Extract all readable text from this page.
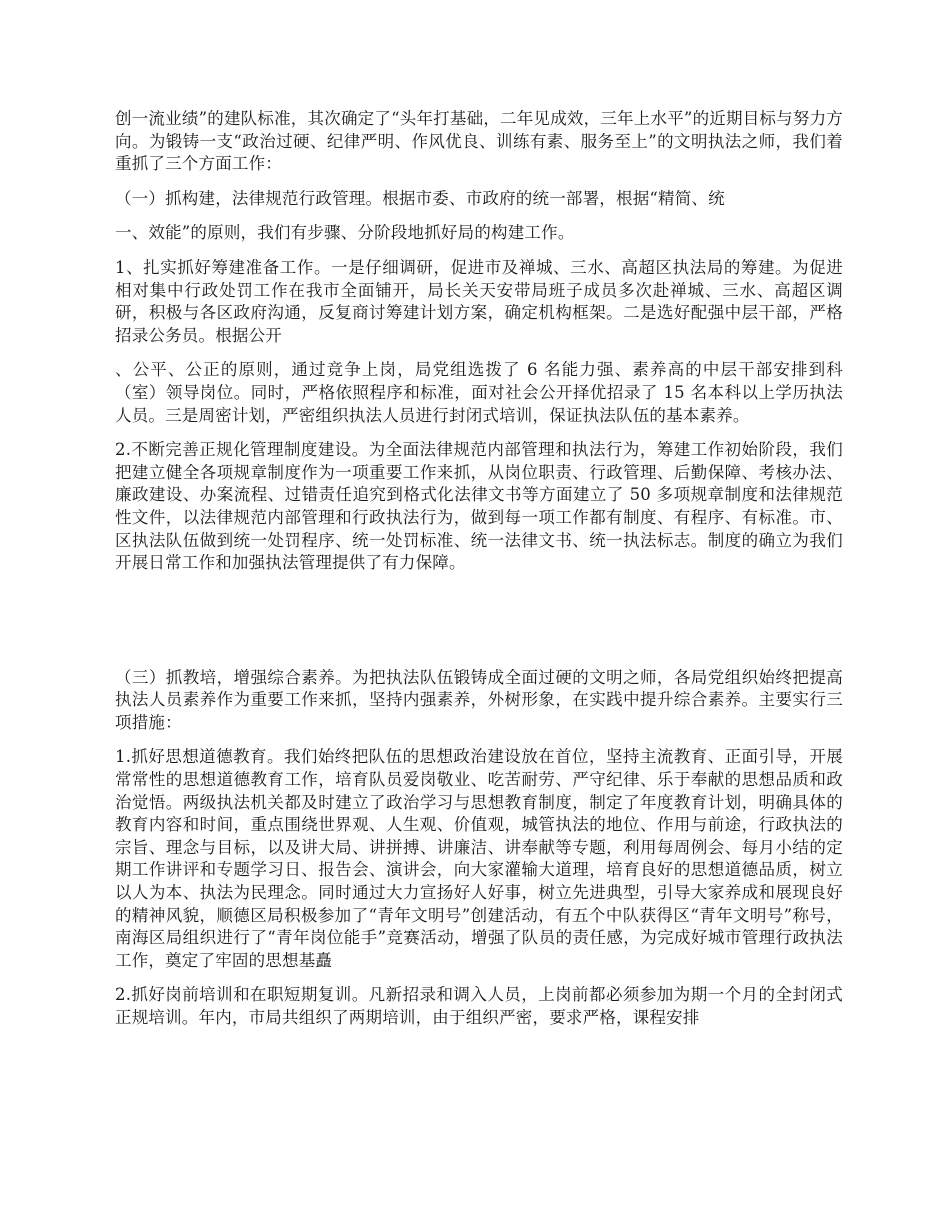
创一流业绩”的建队标准，其次确定了“头年打基础，二年见成效，三年上水平”的近期目标与努力方向。为锻铸一支“政治过硬、纪律严明、作风优良、训练有素、服务至上”的文明执法之师，我们着重抓了三个方面工作：

（一）抓构建，法律规范行政管理。根据市委、市政府的统一部署，根据“精简、统

一、效能”的原则，我们有步骤、分阶段地抓好局的构建工作。

1、扎实抓好筹建准备工作。一是仔细调研，促进市及禅城、三水、高超区执法局的筹建。为促进相对集中行政处罚工作在我市全面铺开，局长关天安带局班子成员多次赴禅城、三水、高超区调研，积极与各区政府沟通，反复商讨筹建计划方案，确定机构框架。二是选好配强中层干部，严格招录公务员。根据公开

、公平、公正的原则，通过竞争上岗，局党组选拨了 6 名能力强、素养高的中层干部安排到科（室）领导岗位。同时，严格依照程序和标准，面对社会公开择优招录了 15 名本科以上学历执法人员。三是周密计划，严密组织执法人员进行封闭式培训，保证执法队伍的基本素养。

2.不断完善正规化管理制度建设。为全面法律规范内部管理和执法行为，筹建工作初始阶段，我们把建立健全各项规章制度作为一项重要工作来抓，从岗位职责、行政管理、后勤保障、考核办法、廉政建设、办案流程、过错责任追究到格式化法律文书等方面建立了 50 多项规章制度和法律规范性文件，以法律规范内部管理和行政执法行为，做到每一项工作都有制度、有程序、有标准。市、区执法队伍做到统一处罚程序、统一处罚标准、统一法律文书、统一执法标志。制度的确立为我们开展日常工作和加强执法管理提供了有力保障。

（三）抓教培，增强综合素养。为把执法队伍锻铸成全面过硬的文明之师，各局党组织始终把提高执法人员素养作为重要工作来抓，坚持内强素养，外树形象，在实践中提升综合素养。主要实行三项措施：

1.抓好思想道德教育。我们始终把队伍的思想政治建设放在首位，坚持主流教育、正面引导，开展常常性的思想道德教育工作，培育队员爱岗敬业、吃苦耐劳、严守纪律、乐于奉献的思想品质和政治觉悟。两级执法机关都及时建立了政治学习与思想教育制度，制定了年度教育计划，明确具体的教育内容和时间，重点围绕世界观、人生观、价值观，城管执法的地位、作用与前途，行政执法的宗旨、理念与目标，以及讲大局、讲拼搏、讲廉洁、讲奉献等专题，利用每周例会、每月小结的定期工作讲评和专题学习日、报告会、演讲会，向大家灌输大道理，培育良好的思想道德品质，树立以人为本、执法为民理念。同时通过大力宣扬好人好事，树立先进典型，引导大家养成和展现良好的精神风貌，顺德区局积极参加了“青年文明号”创建活动，有五个中队获得区“青年文明号”称号，南海区局组织进行了“青年岗位能手”竞赛活动，增强了队员的责任感，为完成好城市管理行政执法工作，奠定了牢固的思想基矗

2.抓好岗前培训和在职短期复训。凡新招录和调入人员，上岗前都必须参加为期一个月的全封闭式正规培训。年内，市局共组织了两期培训，由于组织严密，要求严格，课程安排
